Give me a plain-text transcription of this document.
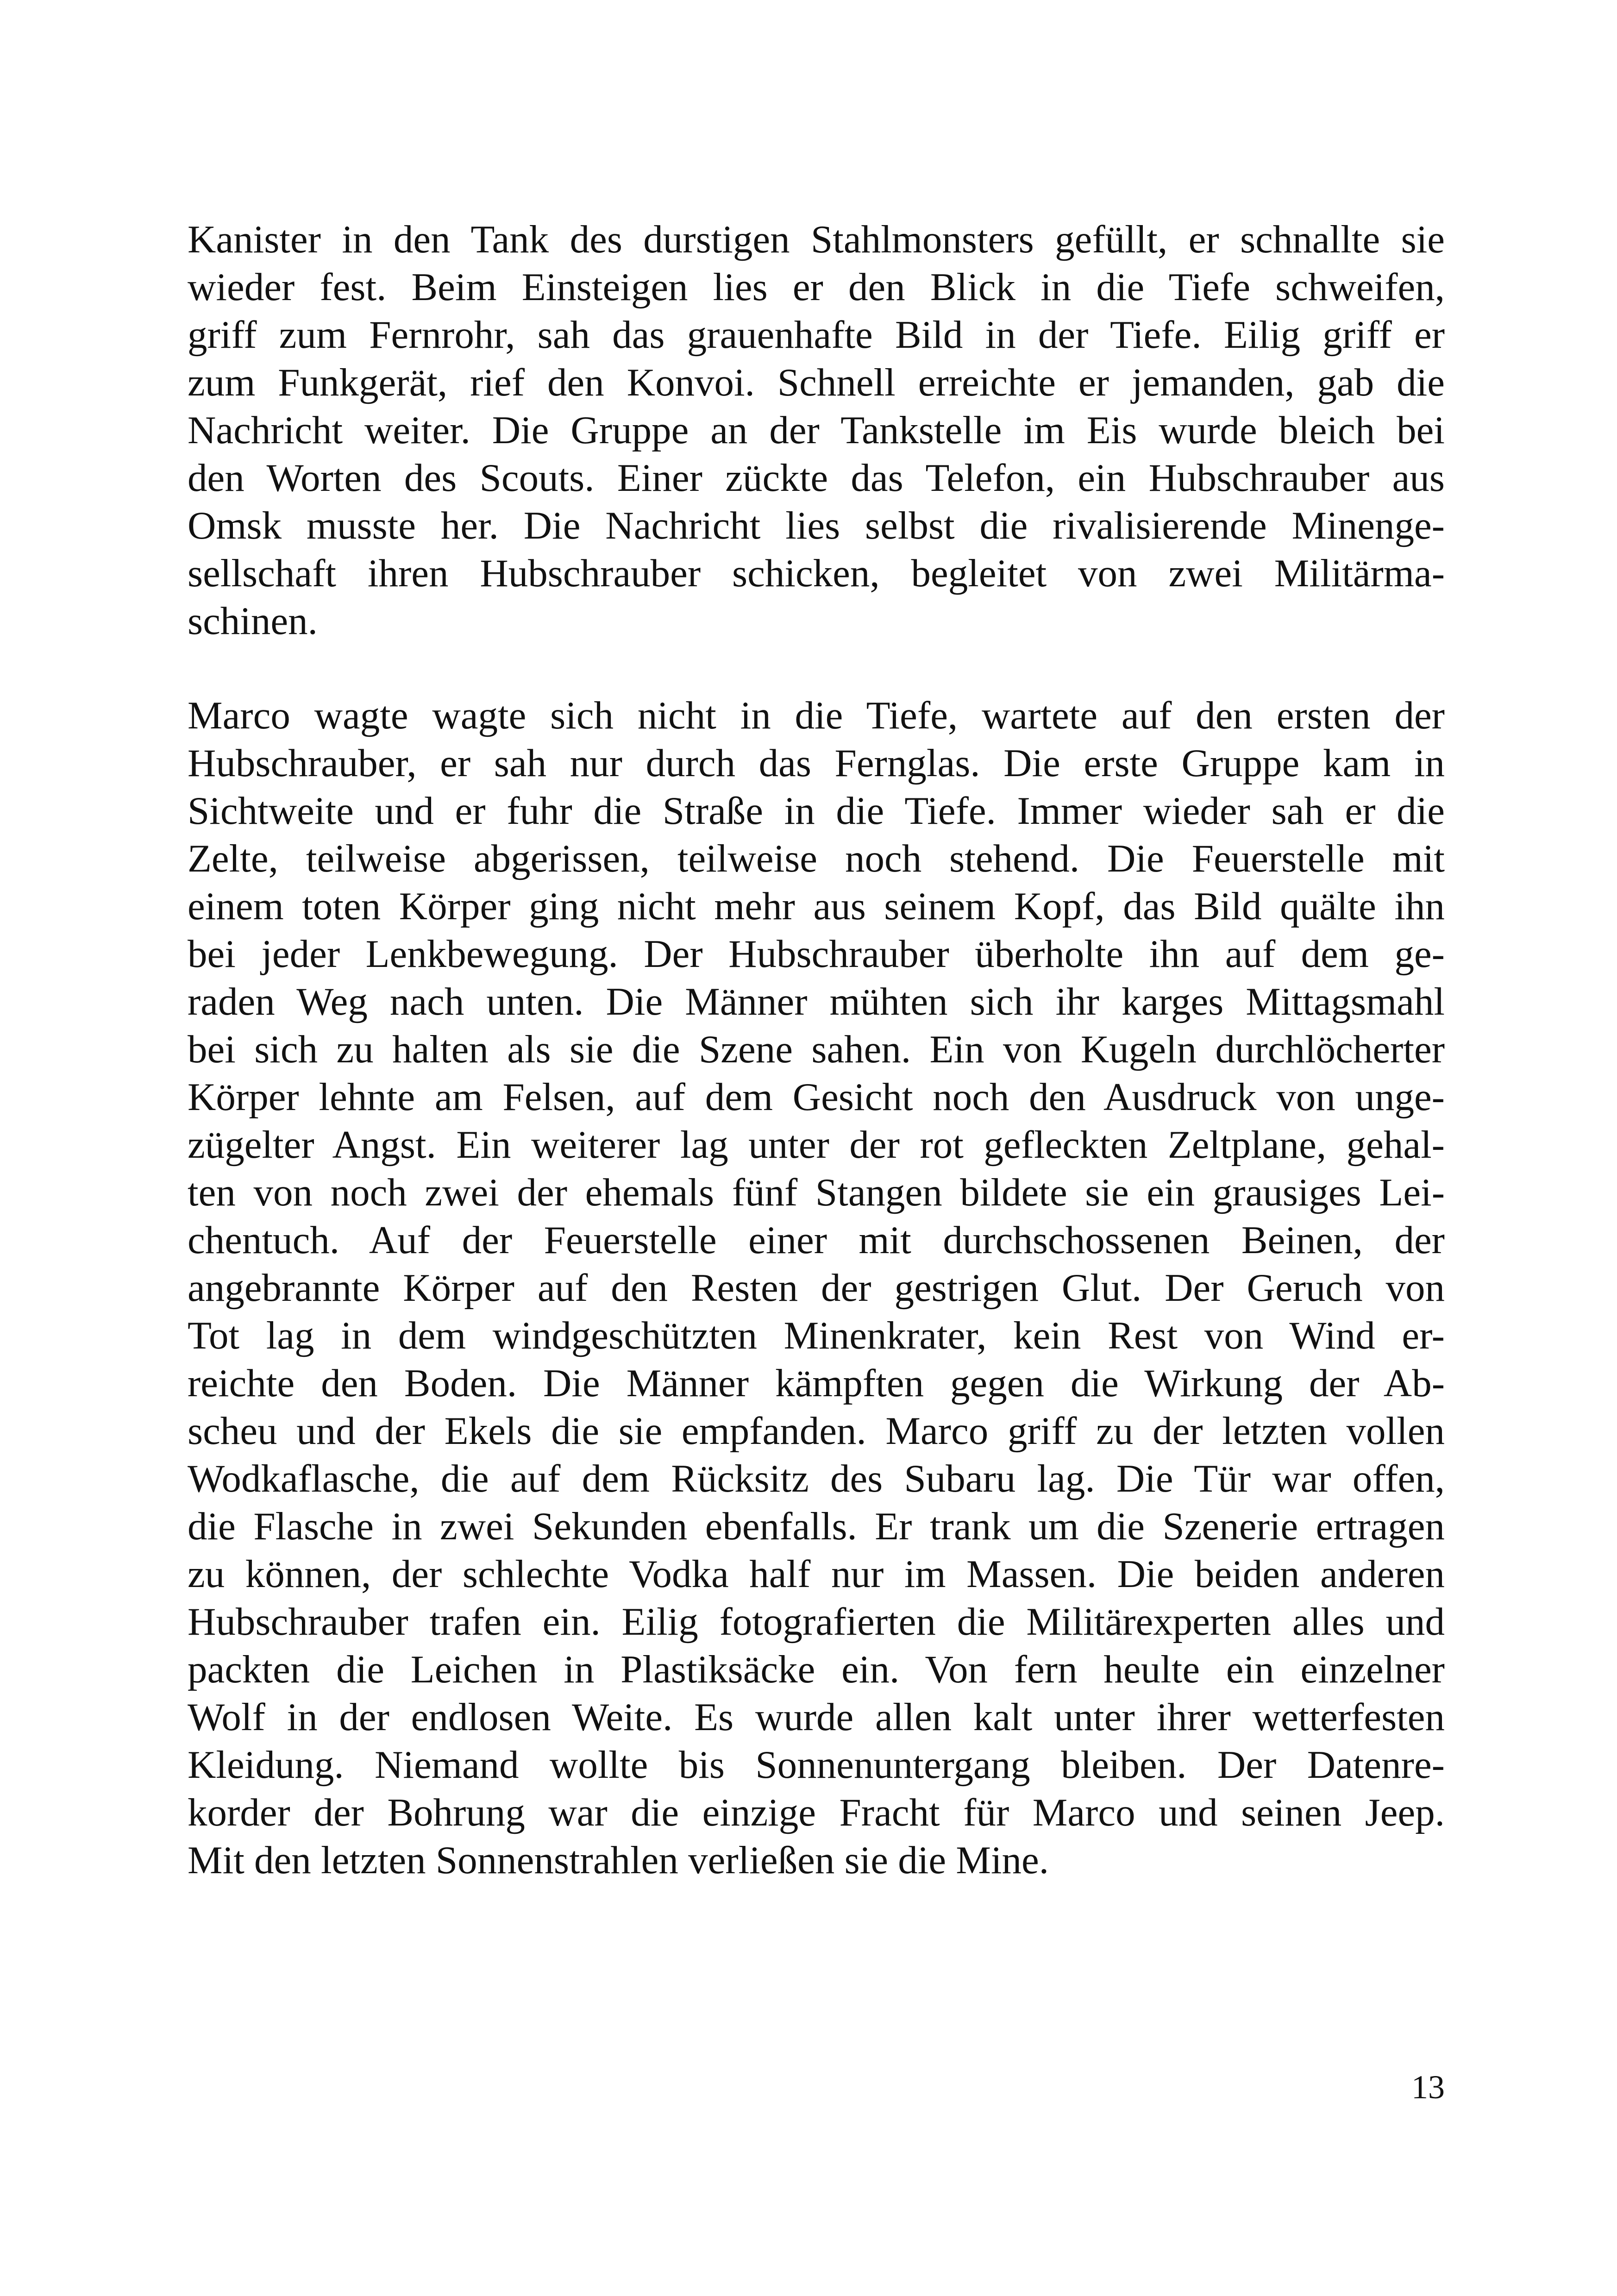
Kanister in den Tank des durstigen Stahlmonsters gefüllt, er schnallte sie
wieder fest. Beim Einsteigen lies er den Blick in die Tiefe schweifen,
griff zum Fernrohr, sah das grauenhafte Bild in der Tiefe. Eilig griff er
zum Funkgerät, rief den Konvoi. Schnell erreichte er jemanden, gab die
Nachricht weiter. Die Gruppe an der Tankstelle im Eis wurde bleich bei
den Worten des Scouts. Einer zückte das Telefon, ein Hubschrauber aus
Omsk musste her. Die Nachricht lies selbst die rivalisierende Minenge-
sellschaft ihren Hubschrauber schicken, begleitet von zwei Militärma-
schinen.
Marco wagte wagte sich nicht in die Tiefe, wartete auf den ersten der
Hubschrauber, er sah nur durch das Fernglas. Die erste Gruppe kam in
Sichtweite und er fuhr die Straße in die Tiefe. Immer wieder sah er die
Zelte, teilweise abgerissen, teilweise noch stehend. Die Feuerstelle mit
einem toten Körper ging nicht mehr aus seinem Kopf, das Bild quälte ihn
bei jeder Lenkbewegung. Der Hubschrauber überholte ihn auf dem ge-
raden Weg nach unten. Die Männer mühten sich ihr karges Mittagsmahl
bei sich zu halten als sie die Szene sahen. Ein von Kugeln durchlöcherter
Körper lehnte am Felsen, auf dem Gesicht noch den Ausdruck von unge-
zügelter Angst. Ein weiterer lag unter der rot gefleckten Zeltplane, gehal-
ten von noch zwei der ehemals fünf Stangen bildete sie ein grausiges Lei-
chentuch. Auf der Feuerstelle einer mit durchschossenen Beinen, der
angebrannte Körper auf den Resten der gestrigen Glut. Der Geruch von
Tot lag in dem windgeschützten Minenkrater, kein Rest von Wind er-
reichte den Boden. Die Männer kämpften gegen die Wirkung der Ab-
scheu und der Ekels die sie empfanden. Marco griff zu der letzten vollen
Wodkaflasche, die auf dem Rücksitz des Subaru lag. Die Tür war offen,
die Flasche in zwei Sekunden ebenfalls. Er trank um die Szenerie ertragen
zu können, der schlechte Vodka half nur im Massen. Die beiden anderen
Hubschrauber trafen ein. Eilig fotografierten die Militärexperten alles und
packten die Leichen in Plastiksäcke ein. Von fern heulte ein einzelner
Wolf in der endlosen Weite. Es wurde allen kalt unter ihrer wetterfesten
Kleidung. Niemand wollte bis Sonnenuntergang bleiben. Der Datenre-
korder der Bohrung war die einzige Fracht für Marco und seinen Jeep.
Mit den letzten Sonnenstrahlen verließen sie die Mine.
13
